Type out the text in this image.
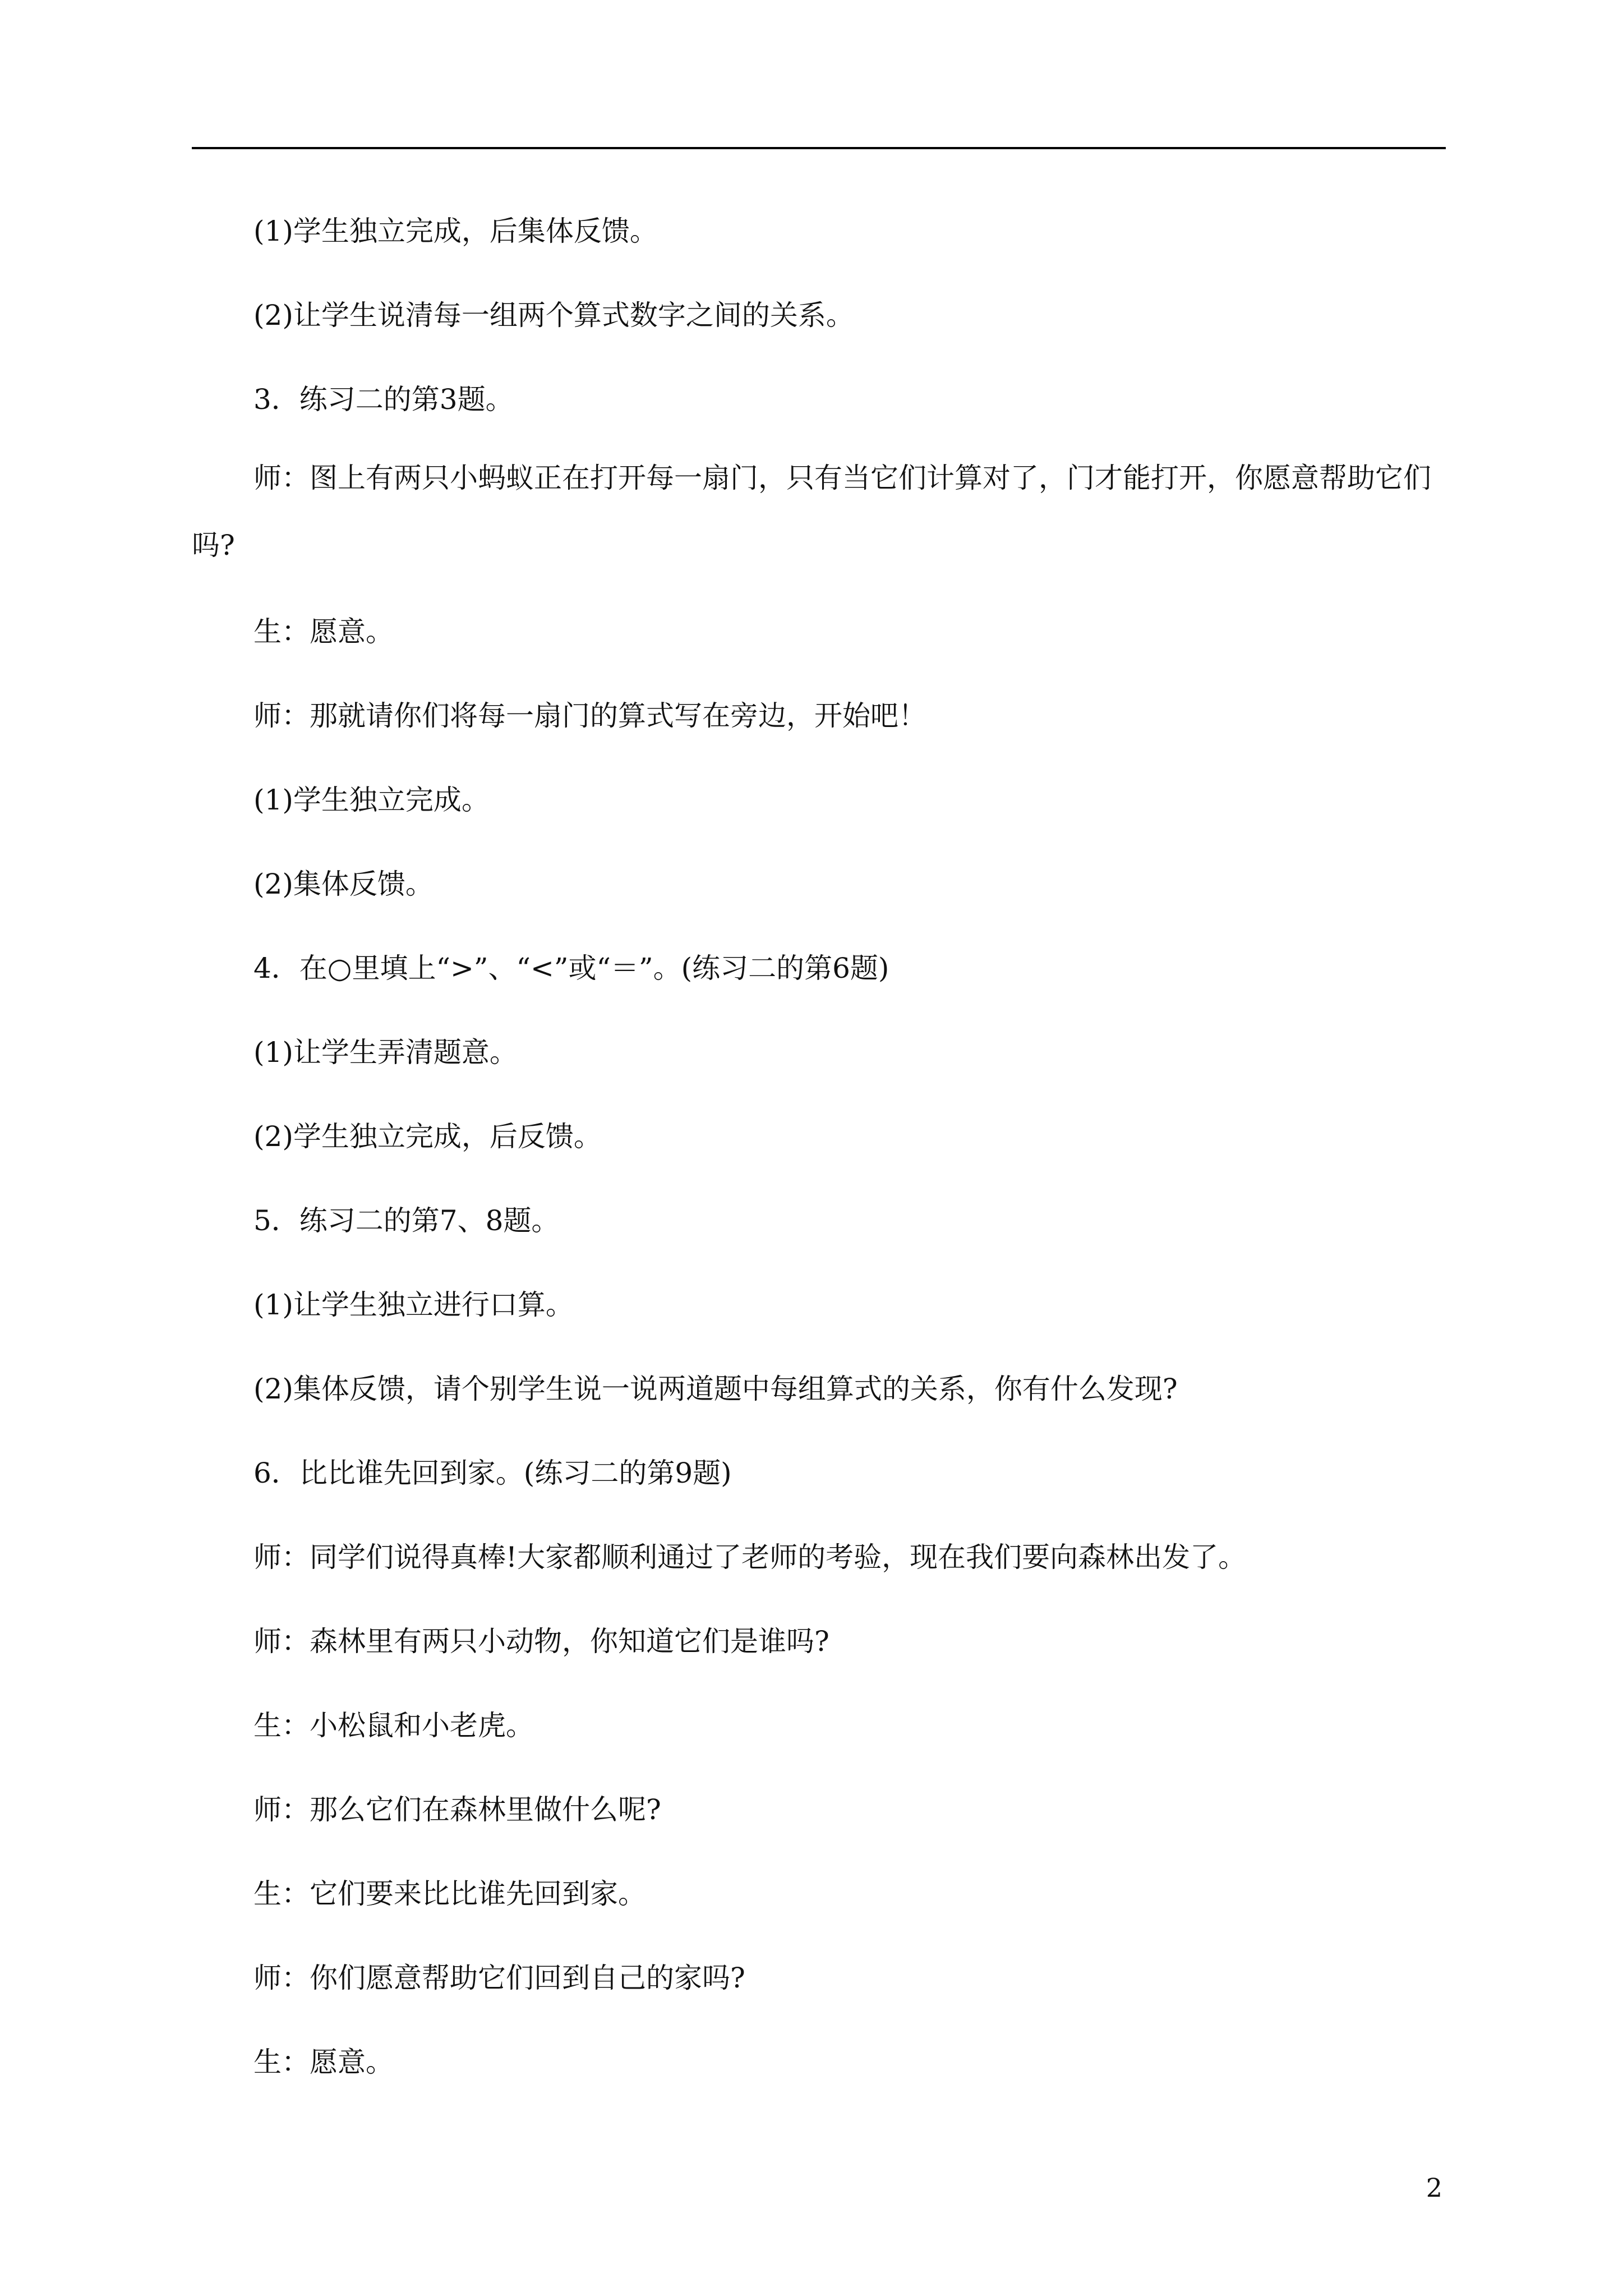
(1)学生独立完成，后集体反馈。

(2)让学生说清每一组两个算式数字之间的关系。

3．练习二的第3题。

师：图上有两只小蚂蚁正在打开每一扇门，只有当它们计算对了，门才能打开，你愿意帮助它们吗?

生：愿意。

师：那就请你们将每一扇门的算式写在旁边，开始吧！

(1)学生独立完成。

(2)集体反馈。

4．在○里填上“>”、“<”或“＝”。(练习二的第6题)

(1)让学生弄清题意。

(2)学生独立完成，后反馈。

5．练习二的第7、8题。

(1)让学生独立进行口算。

(2)集体反馈，请个别学生说一说两道题中每组算式的关系，你有什么发现?

6．比比谁先回到家。(练习二的第9题)

师：同学们说得真棒!大家都顺利通过了老师的考验，现在我们要向森林出发了。

师：森林里有两只小动物，你知道它们是谁吗?

生：小松鼠和小老虎。

师：那么它们在森林里做什么呢?

生：它们要来比比谁先回到家。

师：你们愿意帮助它们回到自己的家吗?

生：愿意。

2
